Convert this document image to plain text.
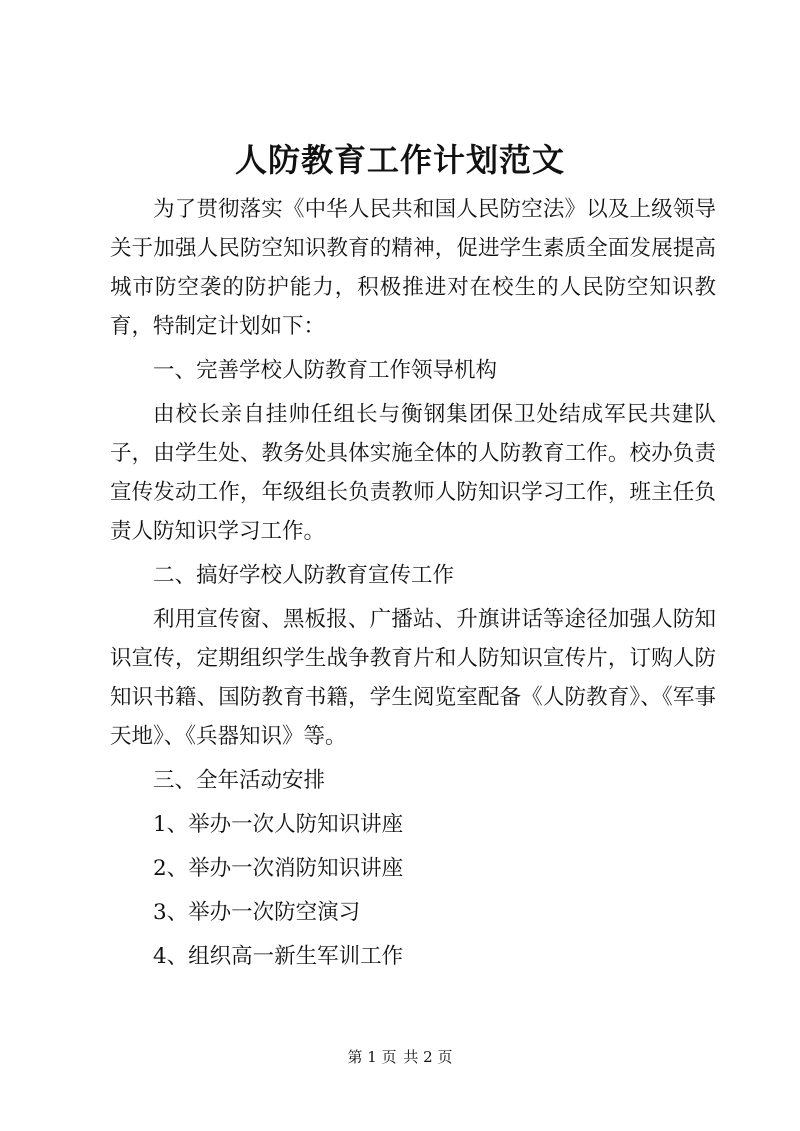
人防教育工作计划范文

为了贯彻落实《中华人民共和国人民防空法》以及上级领导关于加强人民防空知识教育的精神，促进学生素质全面发展提高城市防空袭的防护能力，积极推进对在校生的人民防空知识教育，特制定计划如下：

一、完善学校人防教育工作领导机构

由校长亲自挂帅任组长与衡钢集团保卫处结成军民共建队子，由学生处、教务处具体实施全体的人防教育工作。校办负责宣传发动工作，年级组长负责教师人防知识学习工作，班主任负责人防知识学习工作。

二、搞好学校人防教育宣传工作

利用宣传窗、黑板报、广播站、升旗讲话等途径加强人防知识宣传，定期组织学生战争教育片和人防知识宣传片，订购人防知识书籍、国防教育书籍，学生阅览室配备《人防教育》、《军事天地》、《兵器知识》等。

三、全年活动安排

1、举办一次人防知识讲座

2、举办一次消防知识讲座

3、举办一次防空演习

4、组织高一新生军训工作

第 1 页 共 2 页
